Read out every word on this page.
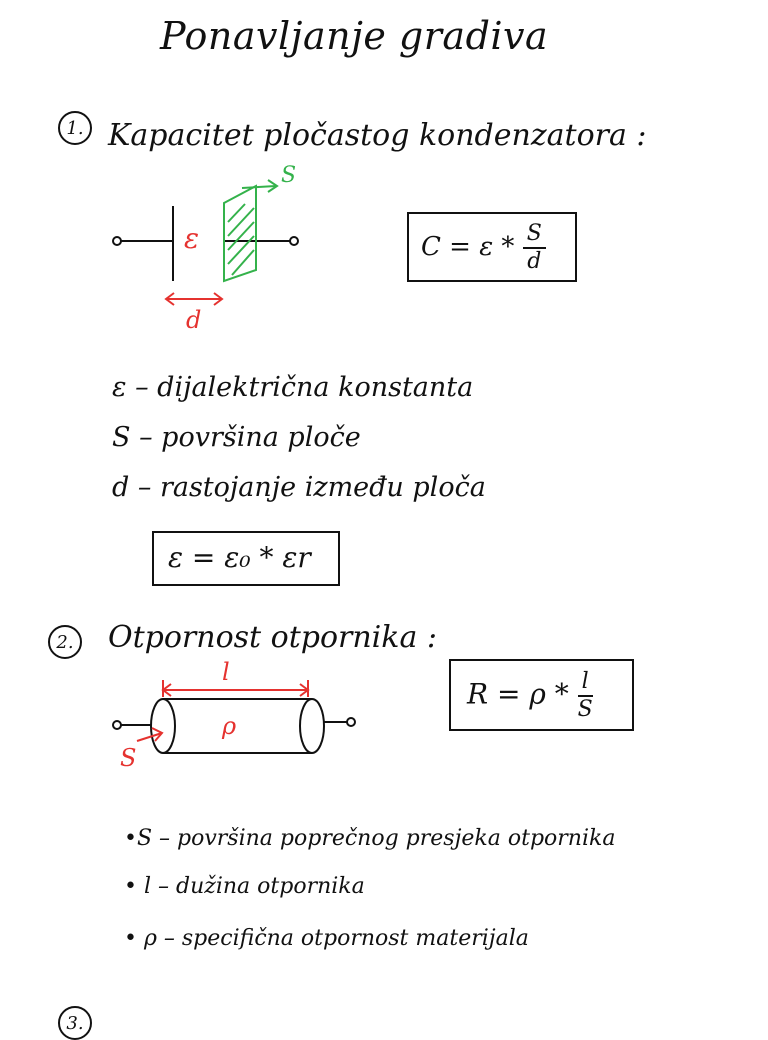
Ponavljanje gradiva
1. Kapacitet pločastog kondenzatora :
ε
S
d
$C = \varepsilon * \frac{S}{d}$
ε – dijalektrična konstanta
S – površina ploče
d – rastojanje između ploča
ε = ε₀ * εr
2. Otpornost otpornika :
l
ρ
S
$R = \rho * \frac{l}{S}$
•S – površina poprečnog presjeka otpornika
• l – dužina otpornika
• ρ – specifična otpornost materijala
3.
